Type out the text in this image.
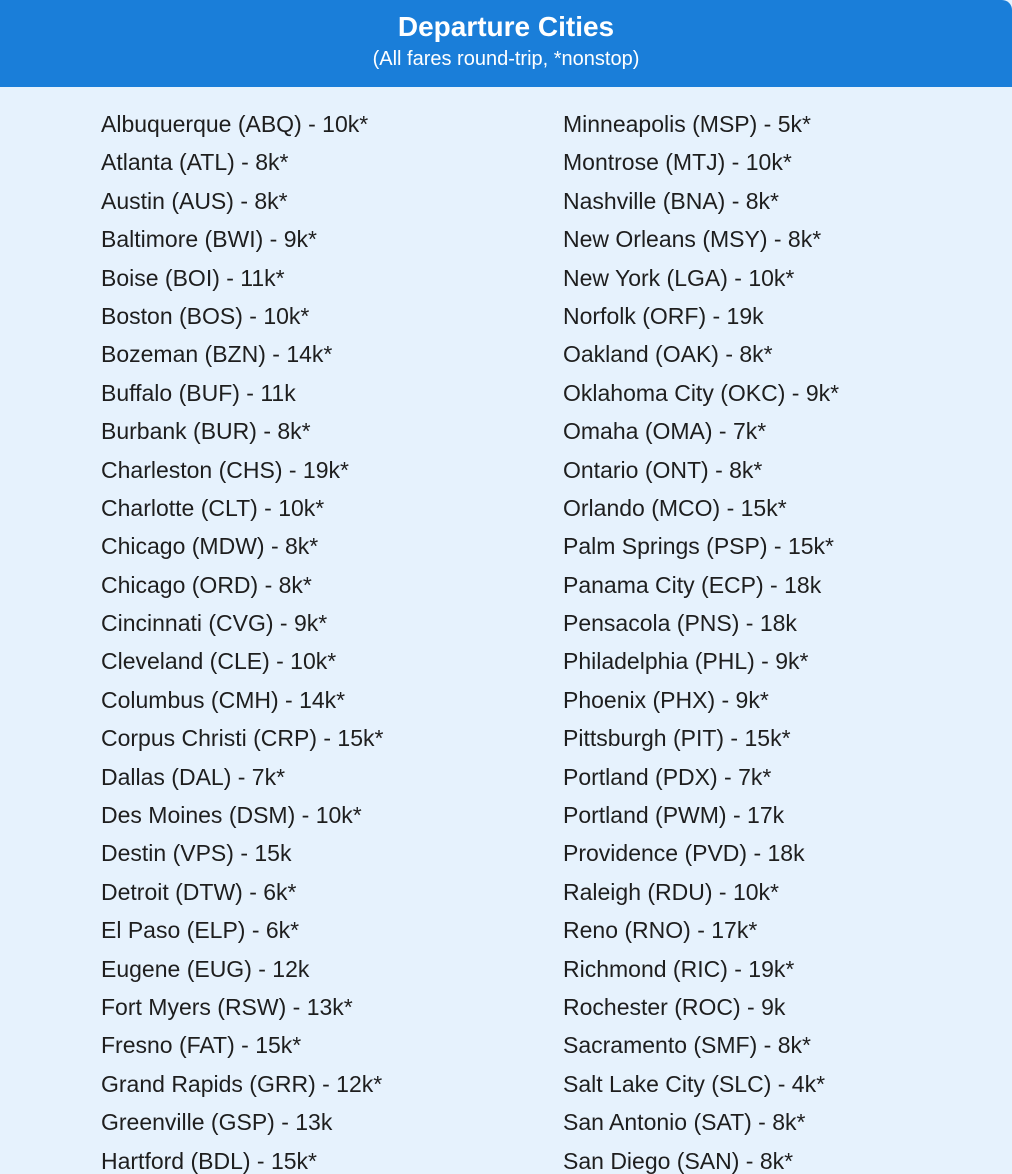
Departure Cities
(All fares round-trip, *nonstop)
Albuquerque (ABQ) - 10k*
Atlanta (ATL) - 8k*
Austin (AUS) - 8k*
Baltimore (BWI) - 9k*
Boise (BOI) - 11k*
Boston (BOS) - 10k*
Bozeman (BZN) - 14k*
Buffalo (BUF) - 11k
Burbank (BUR) - 8k*
Charleston (CHS) - 19k*
Charlotte (CLT) - 10k*
Chicago (MDW) - 8k*
Chicago (ORD) - 8k*
Cincinnati (CVG) - 9k*
Cleveland (CLE) - 10k*
Columbus (CMH) - 14k*
Corpus Christi (CRP) - 15k*
Dallas (DAL) - 7k*
Des Moines (DSM) - 10k*
Destin (VPS) - 15k
Detroit (DTW) - 6k*
El Paso (ELP) - 6k*
Eugene (EUG) - 12k
Fort Myers (RSW) - 13k*
Fresno (FAT) - 15k*
Grand Rapids (GRR) - 12k*
Greenville (GSP) - 13k
Hartford (BDL) - 15k*
Minneapolis (MSP) - 5k*
Montrose (MTJ) - 10k*
Nashville (BNA) - 8k*
New Orleans (MSY) - 8k*
New York (LGA) - 10k*
Norfolk (ORF) - 19k
Oakland (OAK) - 8k*
Oklahoma City (OKC) - 9k*
Omaha (OMA) - 7k*
Ontario (ONT) - 8k*
Orlando (MCO) - 15k*
Palm Springs (PSP) - 15k*
Panama City (ECP) - 18k
Pensacola (PNS) - 18k
Philadelphia (PHL) - 9k*
Phoenix (PHX) - 9k*
Pittsburgh (PIT) - 15k*
Portland (PDX) - 7k*
Portland (PWM) - 17k
Providence (PVD) - 18k
Raleigh (RDU) - 10k*
Reno (RNO) - 17k*
Richmond (RIC) - 19k*
Rochester (ROC) - 9k
Sacramento (SMF) - 8k*
Salt Lake City (SLC) - 4k*
San Antonio (SAT) - 8k*
San Diego (SAN) - 8k*
